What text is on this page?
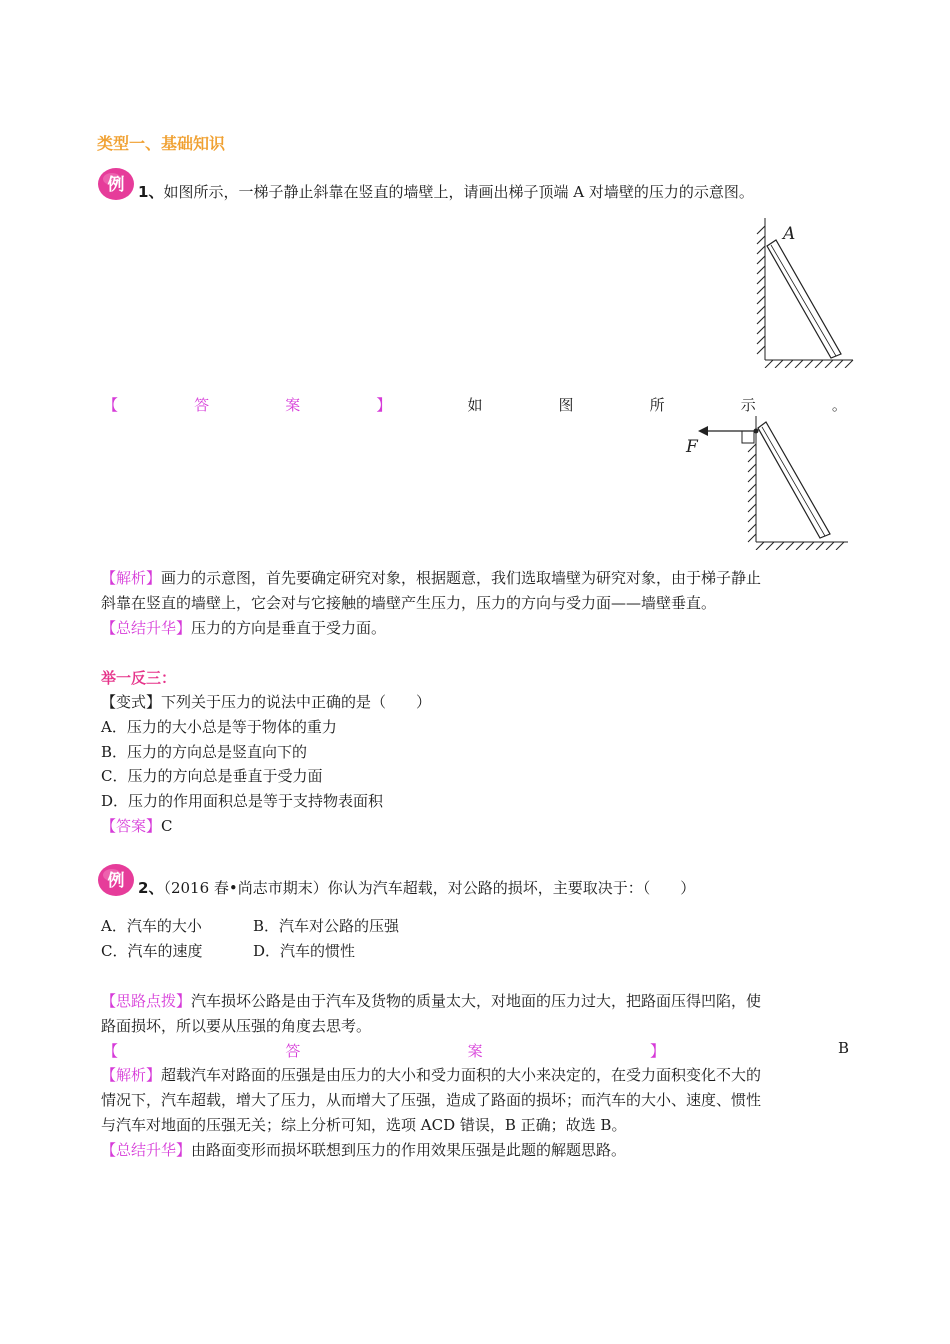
类型一、基础知识
例 1、如图所示，一梯子静止斜靠在竖直的墙壁上，请画出梯子顶端 A 对墙壁的压力的示意图。
A
【	答	案	】	如	图	所	示	。
F
【解析】画力的示意图，首先要确定研究对象，根据题意，我们选取墙壁为研究对象，由于梯子静止
斜靠在竖直的墙壁上，它会对与它接触的墙壁产生压力，压力的方向与受力面——墙壁垂直。
【总结升华】压力的方向是垂直于受力面。
举一反三：
【变式】下列关于压力的说法中正确的是（　　）
A．压力的大小总是等于物体的重力
B．压力的方向总是竖直向下的
C．压力的方向总是垂直于受力面
D．压力的作用面积总是等于支持物表面积
【答案】C
例 2、（2016 春•尚志市期末）你认为汽车超载，对公路的损坏，主要取决于：（　　）
A．汽车的大小	B．汽车对公路的压强
C．汽车的速度	D．汽车的惯性
【思路点拨】汽车损坏公路是由于汽车及货物的质量太大，对地面的压力过大，把路面压得凹陷，使
路面损坏，所以要从压强的角度去思考。
【	答	案	】	B
【解析】超载汽车对路面的压强是由压力的大小和受力面积的大小来决定的，在受力面积变化不大的
情况下，汽车超载，增大了压力，从而增大了压强，造成了路面的损坏；而汽车的大小、速度、惯性
与汽车对地面的压强无关；综上分析可知，选项 ACD 错误，B 正确；故选 B。
【总结升华】由路面变形而损坏联想到压力的作用效果压强是此题的解题思路。
